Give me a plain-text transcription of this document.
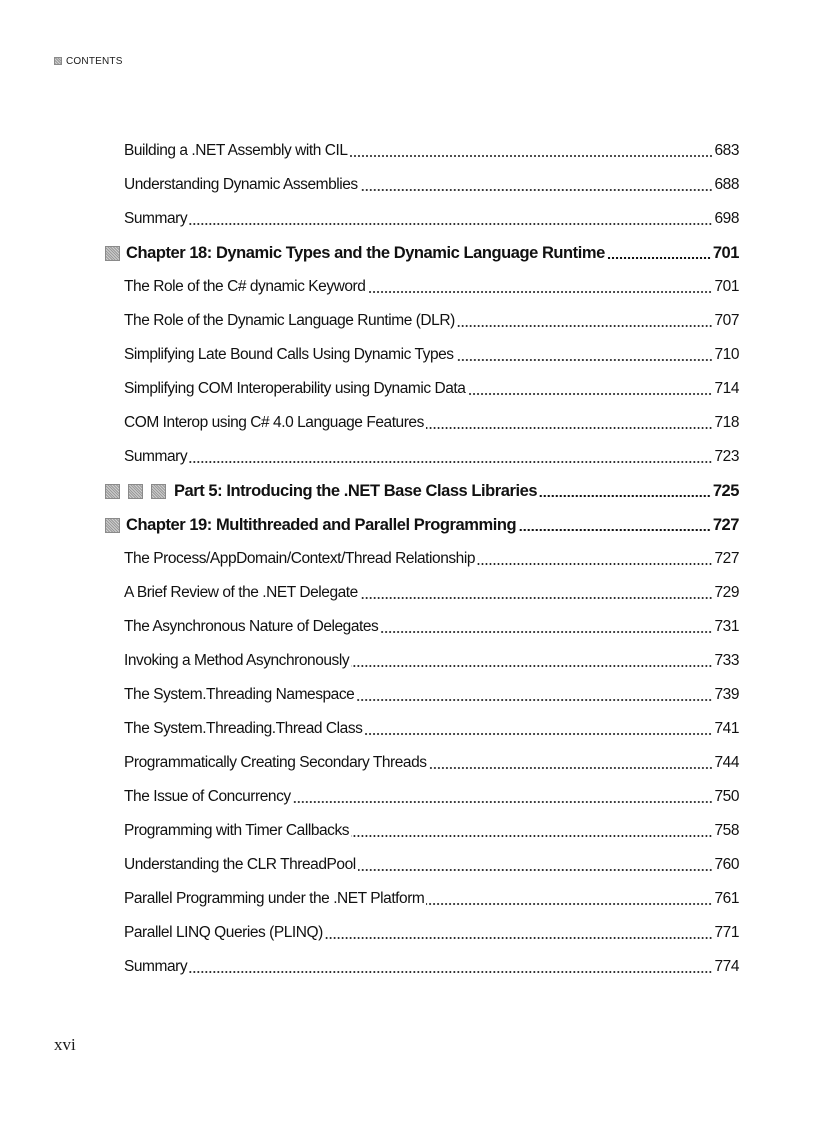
CONTENTS
Building a .NET Assembly with CIL	683
Understanding Dynamic Assemblies	688
Summary	698
Chapter 18: Dynamic Types and the Dynamic Language Runtime	701
The Role of the C# dynamic Keyword	701
The Role of the Dynamic Language Runtime (DLR)	707
Simplifying Late Bound Calls Using Dynamic Types	710
Simplifying COM Interoperability using Dynamic Data	714
COM Interop using C# 4.0 Language Features	718
Summary	723
Part 5: Introducing the .NET Base Class Libraries	725
Chapter 19: Multithreaded and Parallel Programming	727
The Process/AppDomain/Context/Thread Relationship	727
A Brief Review of the .NET Delegate	729
The Asynchronous Nature of Delegates	731
Invoking a Method Asynchronously	733
The System.Threading Namespace	739
The System.Threading.Thread Class	741
Programmatically Creating Secondary Threads	744
The Issue of Concurrency	750
Programming with Timer Callbacks	758
Understanding the CLR ThreadPool	760
Parallel Programming under the .NET Platform	761
Parallel LINQ Queries (PLINQ)	771
Summary	774
xvi
